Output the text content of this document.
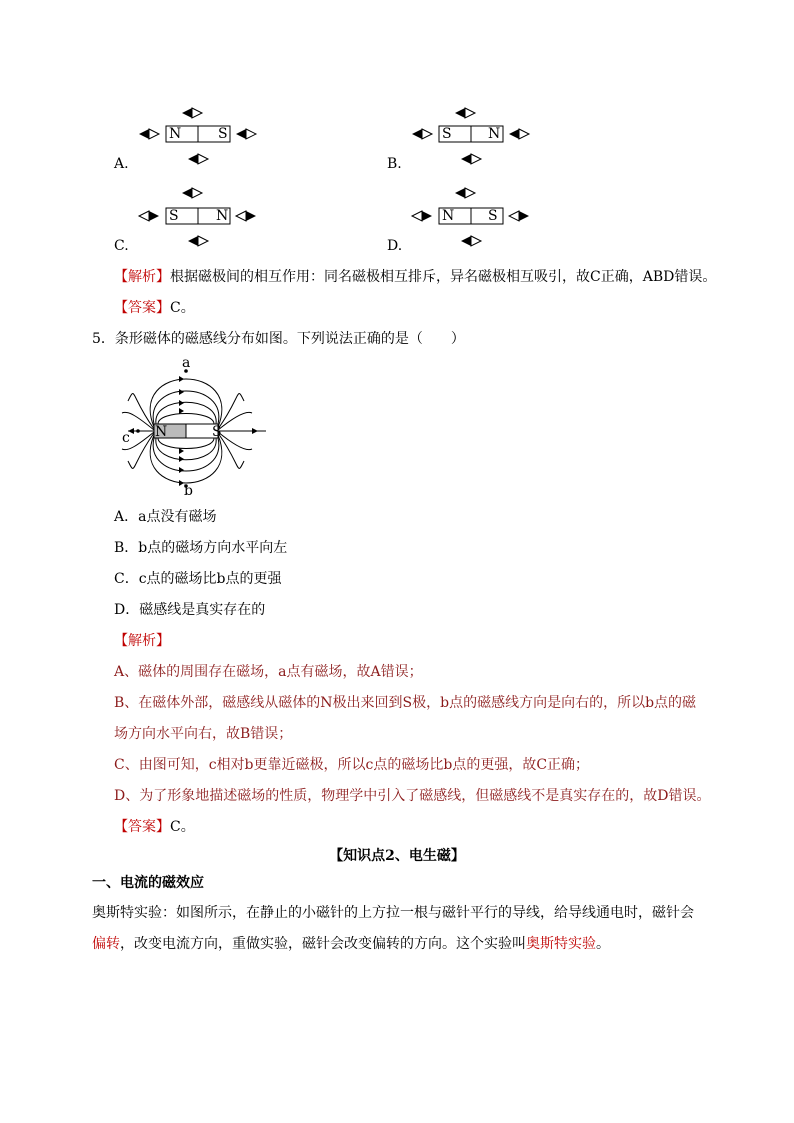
N	S
A.
S	N
B.
S	N
C.
N S
D.
【解析】根据磁极间的相互作用：同名磁极相互排斥，异名磁极相互吸引，故C正确，ABD错误。
【答案】C。
5．条形磁体的磁感线分布如图。下列说法正确的是（　　）
a
c N	S
b
A．a点没有磁场
B．b点的磁场方向水平向左
C．c点的磁场比b点的更强
D．磁感线是真实存在的
【解析】
A、磁体的周围存在磁场，a点有磁场，故A错误；
B、在磁体外部，磁感线从磁体的N极出来回到S极，b点的磁感线方向是向右的，所以b点的磁
场方向水平向右，故B错误；
C、由图可知，c相对b更靠近磁极，所以c点的磁场比b点的更强，故C正确；
D、为了形象地描述磁场的性质，物理学中引入了磁感线，但磁感线不是真实存在的，故D错误。
【答案】C。
【知识点2、电生磁】
一、电流的磁效应
奥斯特实验：如图所示，在静止的小磁针的上方拉一根与磁针平行的导线，给导线通电时，磁针会
偏转，改变电流方向，重做实验，磁针会改变偏转的方向。这个实验叫奥斯特实验。
